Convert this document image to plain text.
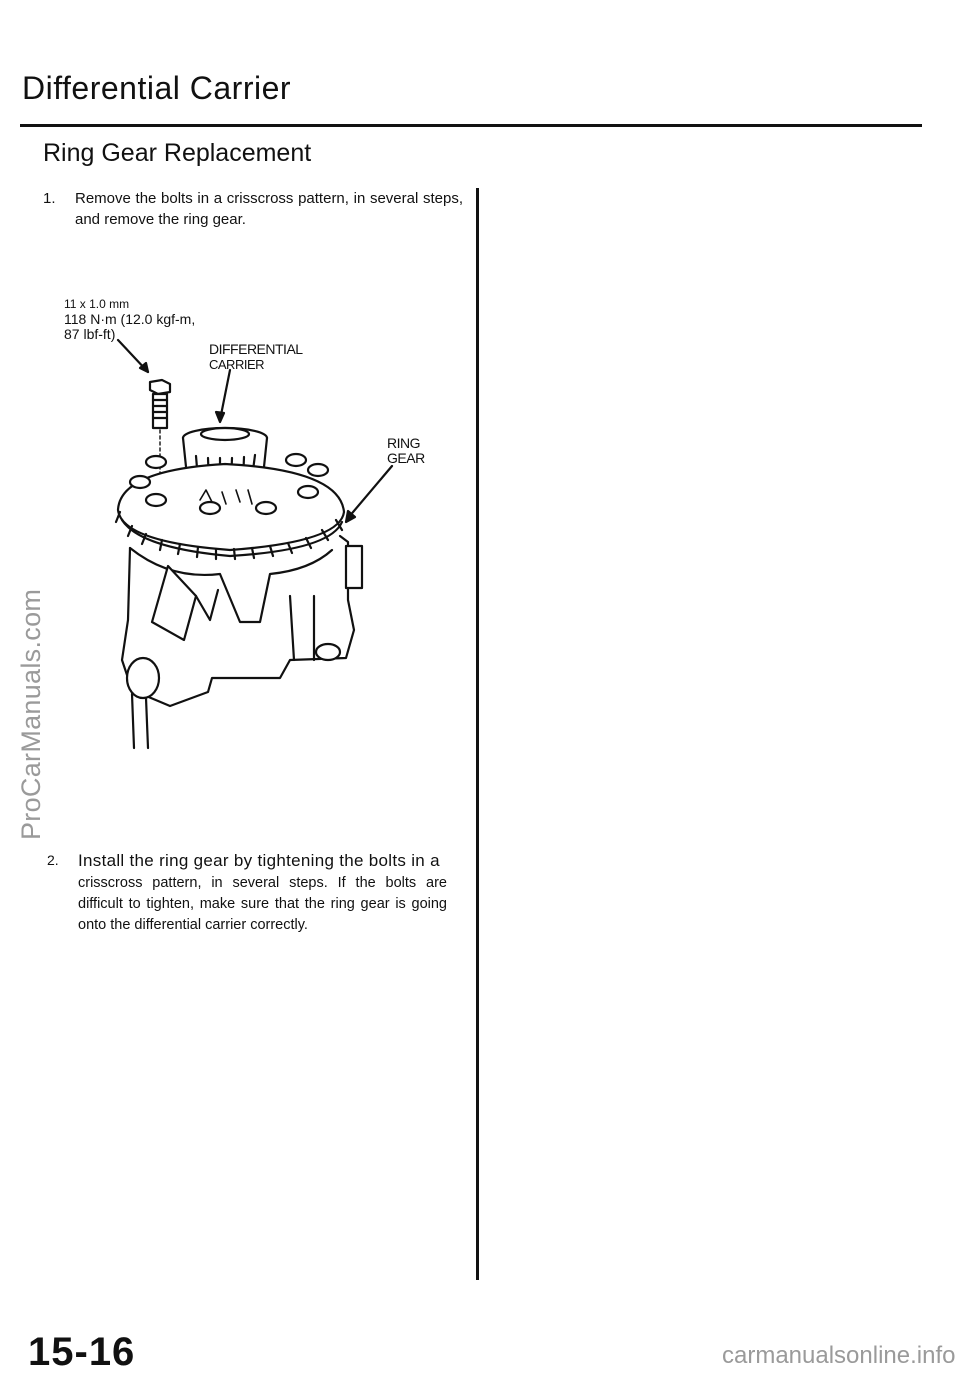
Differential Carrier
Ring Gear Replacement
1. Remove the bolts in a crisscross pattern, in several steps, and remove the ring gear.
11 x 1.0 mm
118 N·m (12.0 kgf-m,
87 lbf-ft)
DIFFERENTIAL
CARRIER
RING
GEAR
2. Install the ring gear by tightening the bolts in a
crisscross pattern, in several steps. If the bolts are difficult to tighten, make sure that the ring gear is going onto the differential carrier correctly.
ProCarManuals.com
15-16	carmanualsonline.info
